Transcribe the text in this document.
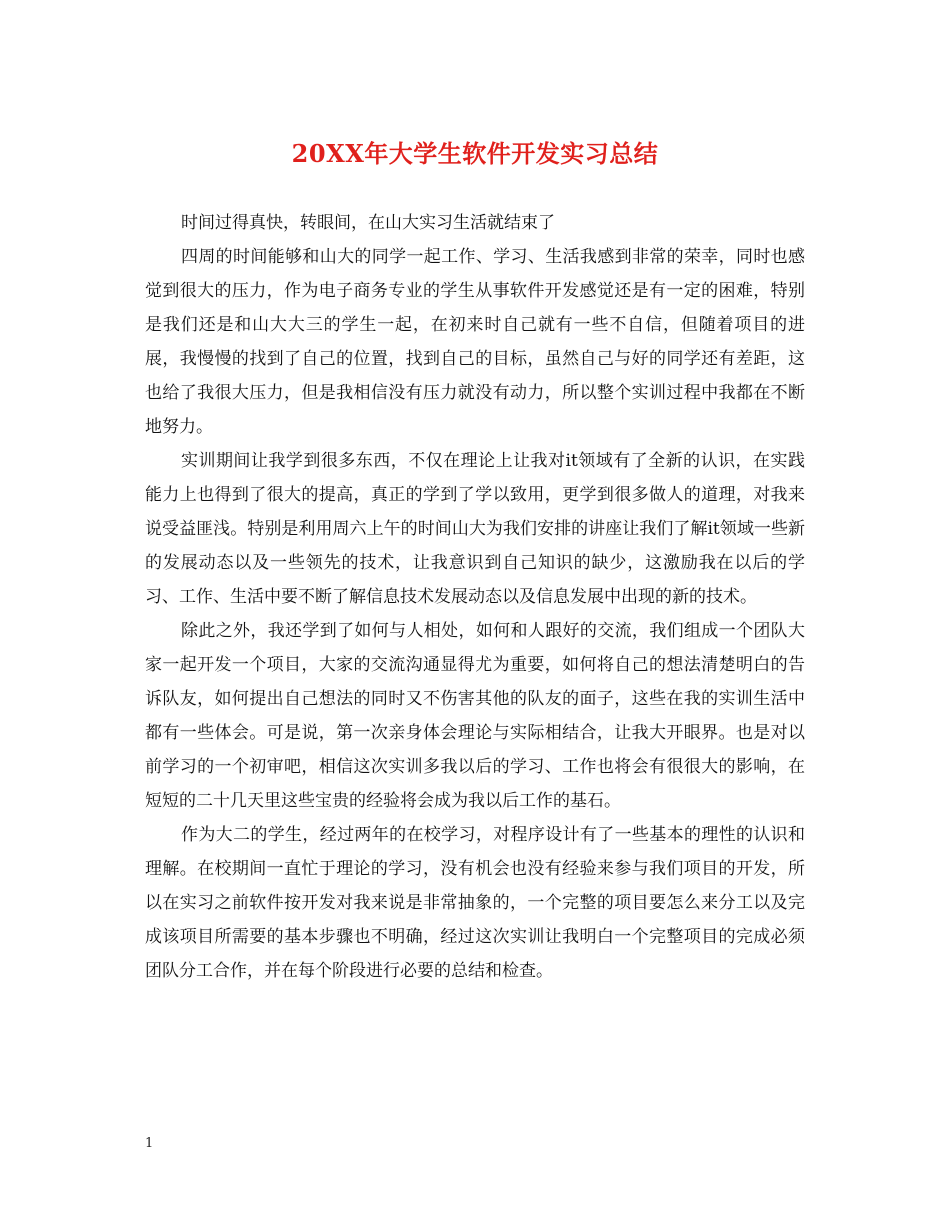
20XX年大学生软件开发实习总结

时间过得真快，转眼间，在山大实习生活就结束了

四周的时间能够和山大的同学一起工作、学习、生活我感到非常的荣幸，同时也感觉到很大的压力，作为电子商务专业的学生从事软件开发感觉还是有一定的困难，特别是我们还是和山大大三的学生一起，在初来时自己就有一些不自信，但随着项目的进展，我慢慢的找到了自己的位置，找到自己的目标，虽然自己与好的同学还有差距，这也给了我很大压力，但是我相信没有压力就没有动力，所以整个实训过程中我都在不断地努力。

实训期间让我学到很多东西，不仅在理论上让我对it领域有了全新的认识，在实践能力上也得到了很大的提高，真正的学到了学以致用，更学到很多做人的道理，对我来说受益匪浅。特别是利用周六上午的时间山大为我们安排的讲座让我们了解it领域一些新的发展动态以及一些领先的技术，让我意识到自己知识的缺少，这激励我在以后的学习、工作、生活中要不断了解信息技术发展动态以及信息发展中出现的新的技术。

除此之外，我还学到了如何与人相处，如何和人跟好的交流，我们组成一个团队大家一起开发一个项目，大家的交流沟通显得尤为重要，如何将自己的想法清楚明白的告诉队友，如何提出自己想法的同时又不伤害其他的队友的面子，这些在我的实训生活中都有一些体会。可是说，第一次亲身体会理论与实际相结合，让我大开眼界。也是对以前学习的一个初审吧，相信这次实训多我以后的学习、工作也将会有很很大的影响，在短短的二十几天里这些宝贵的经验将会成为我以后工作的基石。

作为大二的学生，经过两年的在校学习，对程序设计有了一些基本的理性的认识和理解。在校期间一直忙于理论的学习，没有机会也没有经验来参与我们项目的开发，所以在实习之前软件按开发对我来说是非常抽象的，一个完整的项目要怎么来分工以及完成该项目所需要的基本步骤也不明确，经过这次实训让我明白一个完整项目的完成必须团队分工合作，并在每个阶段进行必要的总结和检查。

1
